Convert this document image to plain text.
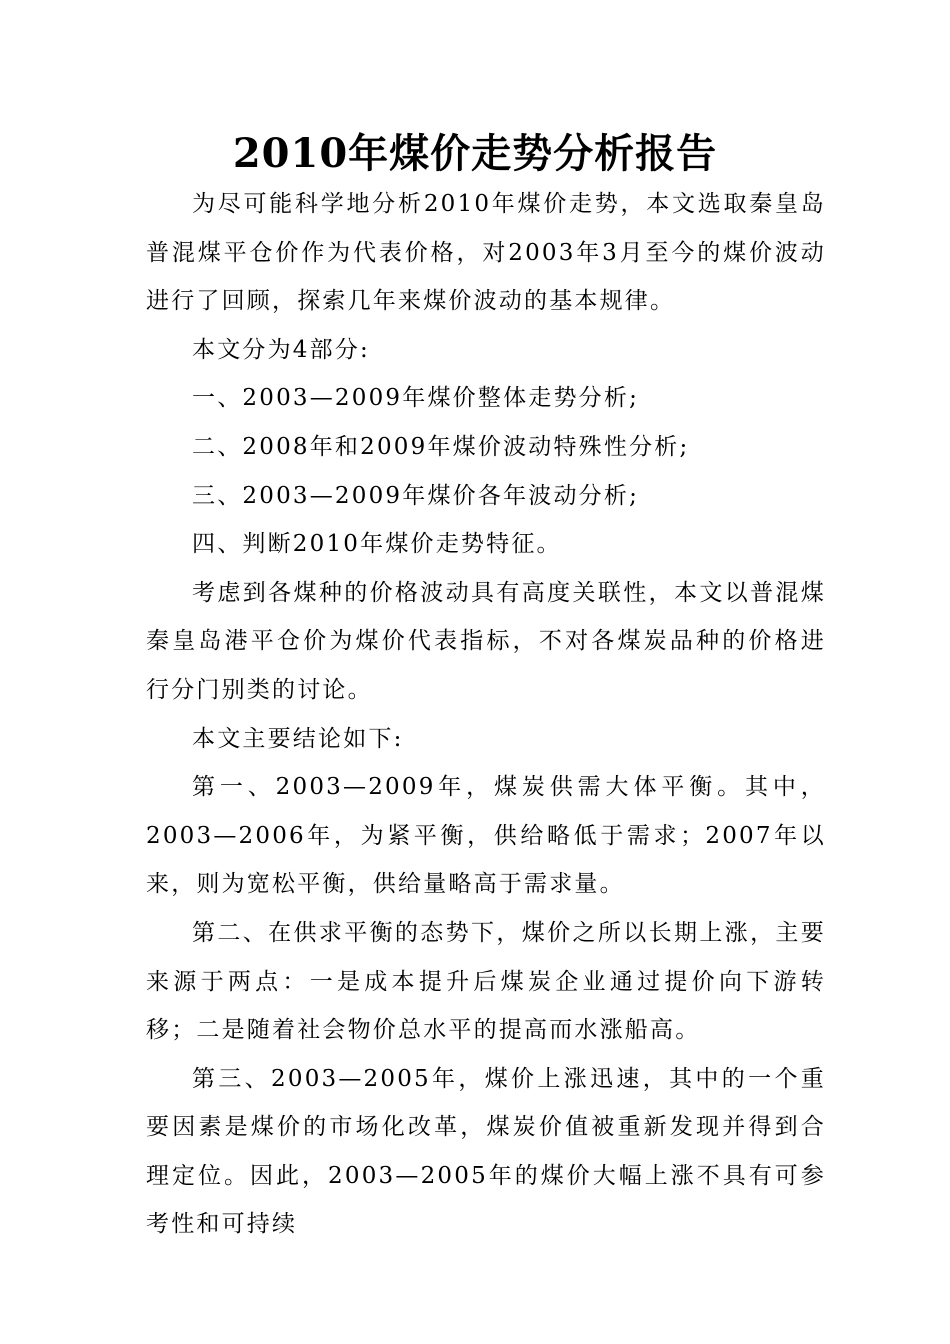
2010年煤价走势分析报告

为尽可能科学地分析2010年煤价走势，本文选取秦皇岛普混煤平仓价作为代表价格，对2003年3月至今的煤价波动进行了回顾，探索几年来煤价波动的基本规律。

本文分为4部分:

一、2003—2009年煤价整体走势分析;

二、2008年和2009年煤价波动特殊性分析;

三、2003—2009年煤价各年波动分析;

四、判断2010年煤价走势特征。

考虑到各煤种的价格波动具有高度关联性，本文以普混煤秦皇岛港平仓价为煤价代表指标，不对各煤炭品种的价格进行分门别类的讨论。

本文主要结论如下:

第一、2003—2009年，煤炭供需大体平衡。其中，2003—2006年，为紧平衡，供给略低于需求；2007年以来，则为宽松平衡，供给量略高于需求量。

第二、在供求平衡的态势下，煤价之所以长期上涨，主要来源于两点：一是成本提升后煤炭企业通过提价向下游转移；二是随着社会物价总水平的提高而水涨船高。

第三、2003—2005年，煤价上涨迅速，其中的一个重要因素是煤价的市场化改革，煤炭价值被重新发现并得到合理定位。因此，2003—2005年的煤价大幅上涨不具有可参考性和可持续
